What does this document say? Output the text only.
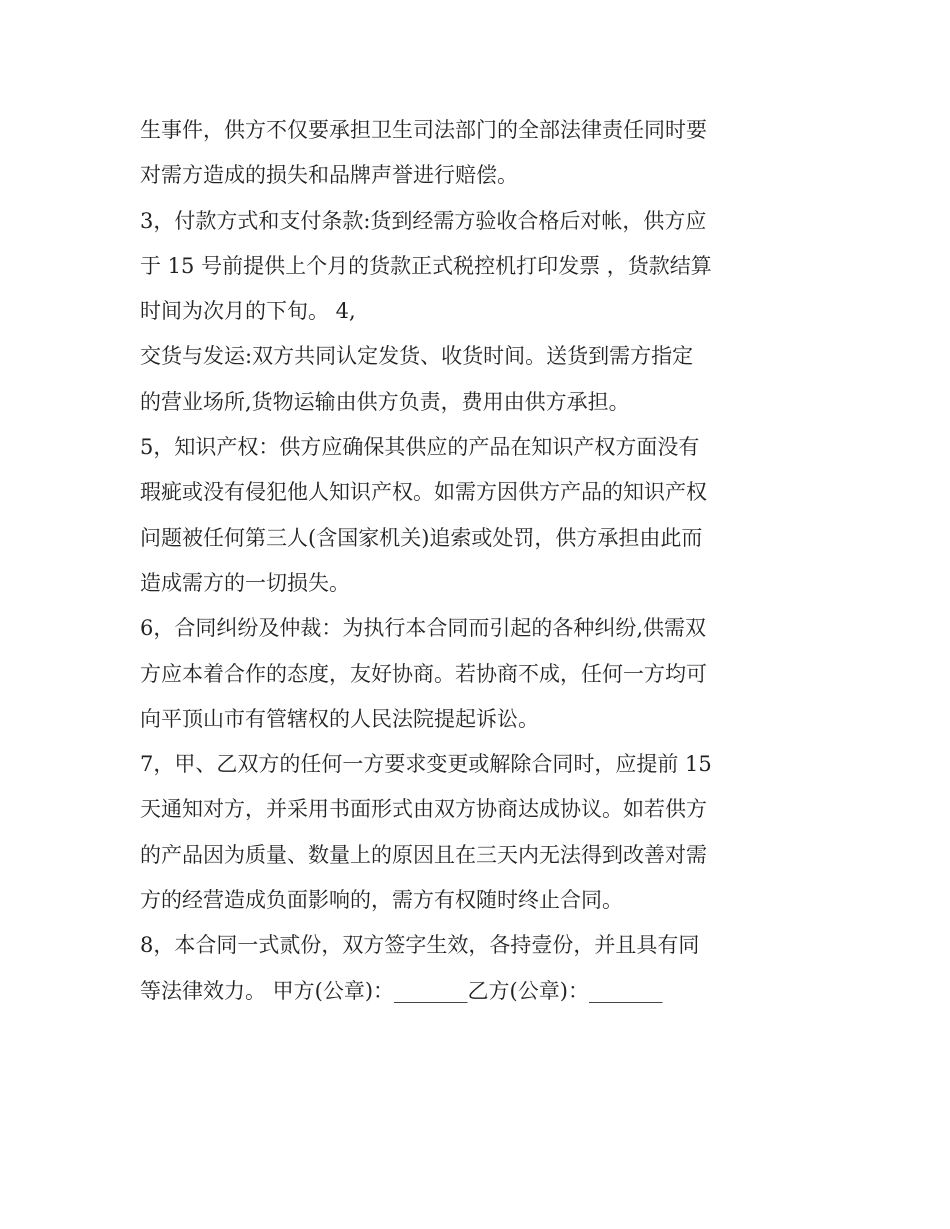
生事件，供方不仅要承担卫生司法部门的全部法律责任同时要
对需方造成的损失和品牌声誉进行赔偿。
3，付款方式和支付条款:货到经需方验收合格后对帐，供方应
于 15 号前提供上个月的货款正式税控机打印发票 ，货款结算
时间为次月的下旬。 4,
交货与发运:双方共同认定发货、收货时间。送货到需方指定
的营业场所,货物运输由供方负责，费用由供方承担。
5，知识产权：供方应确保其供应的产品在知识产权方面没有
瑕疵或没有侵犯他人知识产权。如需方因供方产品的知识产权
问题被任何第三人(含国家机关)追索或处罚，供方承担由此而
造成需方的一切损失。
6，合同纠纷及仲裁：为执行本合同而引起的各种纠纷,供需双
方应本着合作的态度，友好协商。若协商不成，任何一方均可
向平顶山市有管辖权的人民法院提起诉讼。
7，甲、乙双方的任何一方要求变更或解除合同时，应提前 15
天通知对方，并采用书面形式由双方协商达成协议。如若供方
的产品因为质量、数量上的原因且在三天内无法得到改善对需
方的经营造成负面影响的，需方有权随时终止合同。
8，本合同一式贰份，双方签字生效，各持壹份，并且具有同
等法律效力。 甲方(公章)：_______乙方(公章)：_______
